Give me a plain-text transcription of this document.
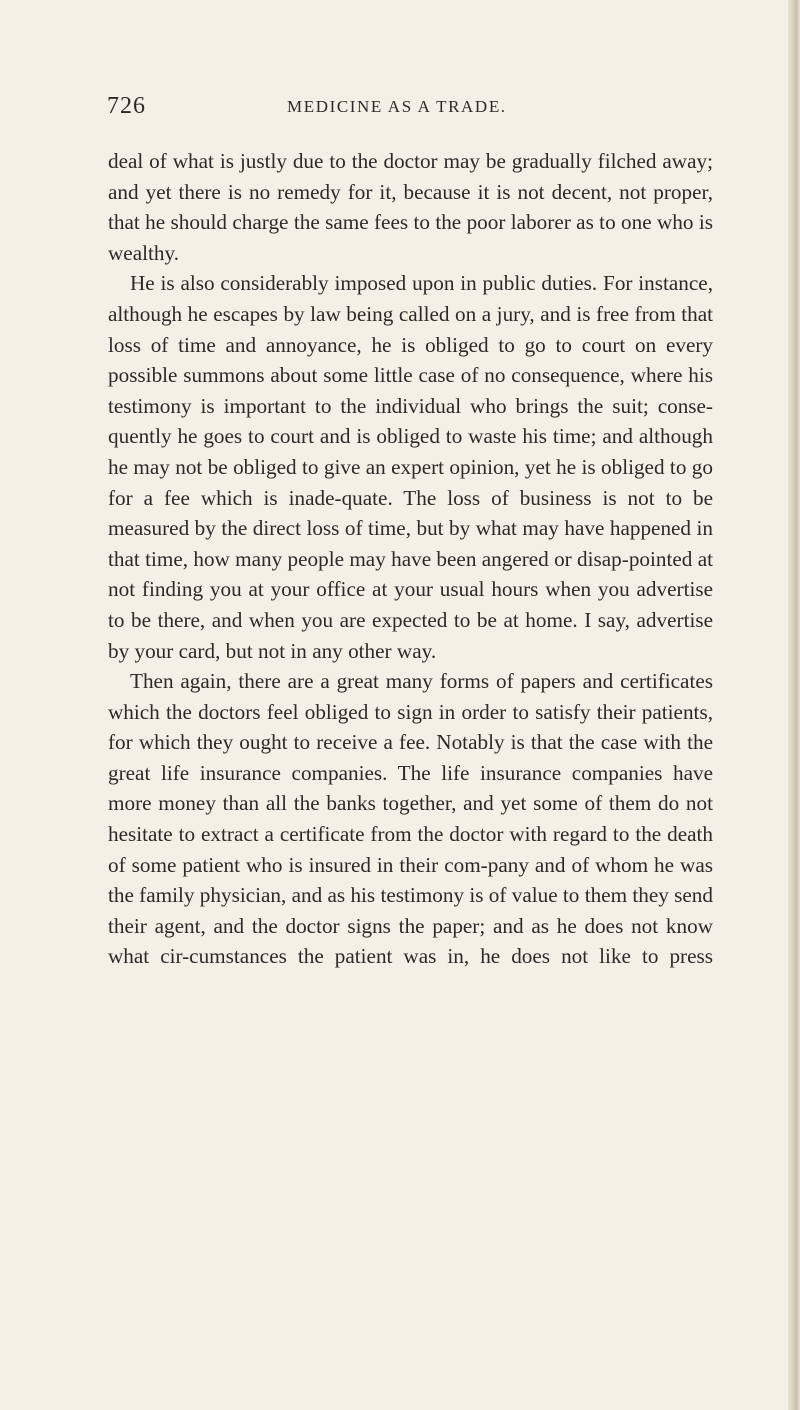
726	MEDICINE AS A TRADE.

deal of what is justly due to the doctor may be gradually filched away; and yet there is no remedy for it, because it is not decent, not proper, that he should charge the same fees to the poor laborer as to one who is wealthy.

He is also considerably imposed upon in public duties. For instance, although he escapes by law being called on a jury, and is free from that loss of time and annoyance, he is obliged to go to court on every possible summons about some little case of no consequence, where his testimony is important to the individual who brings the suit; conse-quently he goes to court and is obliged to waste his time; and although he may not be obliged to give an expert opinion, yet he is obliged to go for a fee which is inade-quate. The loss of business is not to be measured by the direct loss of time, but by what may have happened in that time, how many people may have been angered or disap-pointed at not finding you at your office at your usual hours when you advertise to be there, and when you are expected to be at home. I say, advertise by your card, but not in any other way.

Then again, there are a great many forms of papers and certificates which the doctors feel obliged to sign in order to satisfy their patients, for which they ought to receive a fee. Notably is that the case with the great life insurance companies. The life insurance companies have more money than all the banks together, and yet some of them do not hesitate to extract a certificate from the doctor with regard to the death of some patient who is insured in their com-pany and of whom he was the family physician, and as his testimony is of value to them they send their agent, and the doctor signs the paper; and as he does not know what cir-cumstances the patient was in, he does not like to press
